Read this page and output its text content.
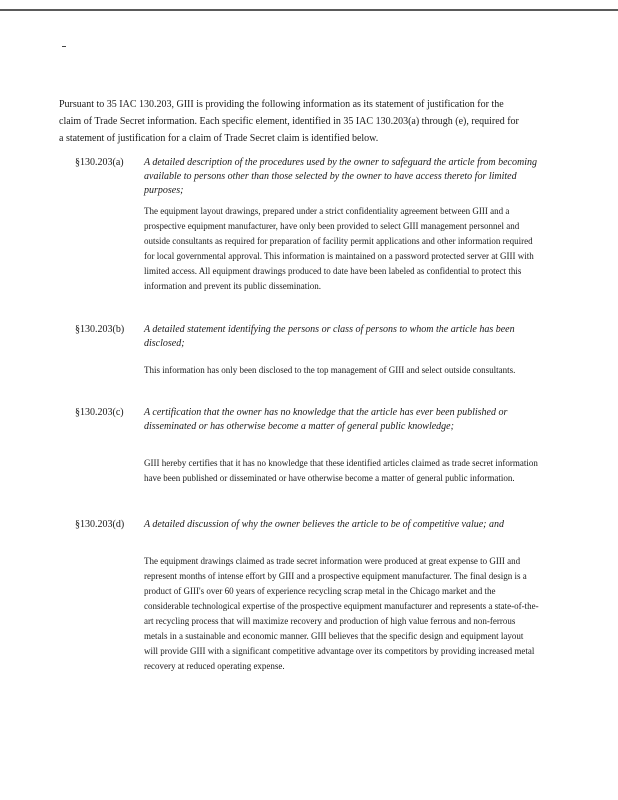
Pursuant to 35 IAC 130.203, GIII is providing the following information as its statement of justification for the claim of Trade Secret information. Each specific element, identified in 35 IAC 130.203(a) through (e), required for a statement of justification for a claim of Trade Secret claim is identified below.

§130.203(a) A detailed description of the procedures used by the owner to safeguard the article from becoming available to persons other than those selected by the owner to have access thereto for limited purposes;

The equipment layout drawings, prepared under a strict confidentiality agreement between GIII and a prospective equipment manufacturer, have only been provided to select GIII management personnel and outside consultants as required for preparation of facility permit applications and other information required for local governmental approval. This information is maintained on a password protected server at GIII with limited access. All equipment drawings produced to date have been labeled as confidential to protect this information and prevent its public dissemination.

§130.203(b) A detailed statement identifying the persons or class of persons to whom the article has been disclosed;

This information has only been disclosed to the top management of GIII and select outside consultants.

§130.203(c) A certification that the owner has no knowledge that the article has ever been published or disseminated or has otherwise become a matter of general public knowledge;

GIII hereby certifies that it has no knowledge that these identified articles claimed as trade secret information have been published or disseminated or have otherwise become a matter of general public information.

§130.203(d) A detailed discussion of why the owner believes the article to be of competitive value; and

The equipment drawings claimed as trade secret information were produced at great expense to GIII and represent months of intense effort by GIII and a prospective equipment manufacturer. The final design is a product of GIII's over 60 years of experience recycling scrap metal in the Chicago market and the considerable technological expertise of the prospective equipment manufacturer and represents a state-of-the-art recycling process that will maximize recovery and production of high value ferrous and non-ferrous metals in a sustainable and economic manner. GIII believes that the specific design and equipment layout will provide GIII with a significant competitive advantage over its competitors by providing increased metal recovery at reduced operating expense.
